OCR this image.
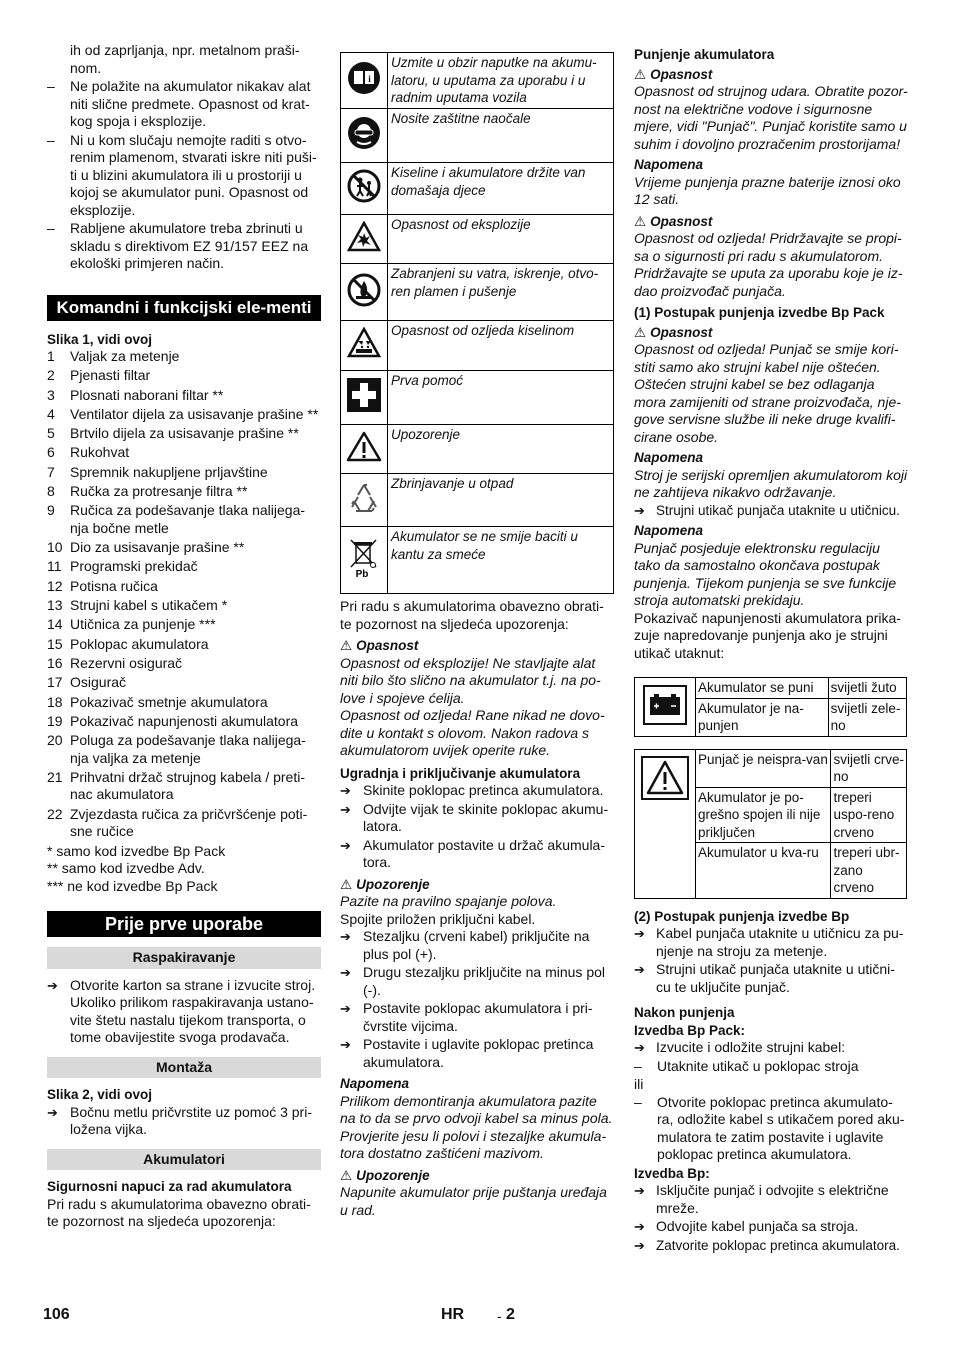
ih od zaprljanja, npr. metalnom praši-nom.

– Ne polažite na akumulator nikakav alat niti slične predmete. Opasnost od krat-kog spoja i eksplozije.
– Ni u kom slučaju nemojte raditi s otvo-renim plamenom, stvarati iskre niti puši-ti u blizini akumulatora ili u prostoriji u kojoj se akumulator puni. Opasnost od eksplozije.
– Rabljene akumulatore treba zbrinuti u skladu s direktivom EZ 91/157 EEZ na ekološki primjeren način.
Komandni i funkcijski ele-menti

Slika 1, vidi ovoj

1 Valjak za metenje
2 Pjenasti filtar
3 Plosnati naborani filtar **
4 Ventilator dijela za usisavanje prašine **
5 Brtvilo dijela za usisavanje prašine **
6 Rukohvat
7 Spremnik nakupljene prljavštine
8 Ručka za protresanje filtra **
9 Ručica za podešavanje tlaka nalijega-nja bočne metle
10 Dio za usisavanje prašine **
11 Programski prekidač
12 Potisna ručica
13 Strujni kabel s utikačem *
14 Utičnica za punjenje ***
15 Poklopac akumulatora
16 Rezervni osigurač
17 Osigurač
18 Pokazivač smetnje akumulatora
19 Pokazivač napunjenosti akumulatora
20 Poluga za podešavanje tlaka nalijega-nja valjka za metenje
21 Prihvatni držač strujnog kabela / preti-nac akumulatora
22 Zvjezdasta ručica za pričvršćenje poti-sne ručice

* samo kod izvedbe Bp Pack

** samo kod izvedbe Adv.

*** ne kod izvedbe Bp Pack

Prije prve uporabe
Raspakiravanje
➔ Otvorite karton sa strane i izvucite stroj. Ukoliko prilikom raspakiravanja ustano-vite štetu nastalu tijekom transporta, o tome obavijestite svoga prodavača.
Montaža

Slika 2, vidi ovoj

➔ Bočnu metlu pričvrstite uz pomoć 3 pri-ložena vijka.
Akumulatori

Sigurnosni napuci za rad akumulatora

Pri radu s akumulatorima obavezno obrati-te pozornost na sljedeća upozorenja:

i	Uzmite u obzir naputke na akumu-latoru, u uputama za uporabu i u radnim uputama vozila
	Nosite zaštitne naočale
	Kiseline i akumulatore držite van domašaja djece
	Opasnost od eksplozije
	Zabranjeni su vatra, iskrenje, otvo-ren plamen i pušenje
	Opasnost od ozljeda kiselinom
	Prva pomoć
	Upozorenje
	Zbrinjavanje u otpad

Pb	Akumulator se ne smije baciti u kantu za smeće

Pri radu s akumulatorima obavezno obrati-te pozornost na sljedeća upozorenja:

⚠ Opasnost

Opasnost od eksplozije! Ne stavljajte alat niti bilo što slično na akumulator t.j. na po-love i spojeve ćelija.

Opasnost od ozljeda! Rane nikad ne dovo-dite u kontakt s olovom. Nakon radova s akumulatorom uvijek operite ruke.

Ugradnja i priključivanje akumulatora

➔ Skinite poklopac pretinca akumulatora.
➔ Odvijte vijak te skinite poklopac akumu-latora.
➔ Akumulator postavite u držač akumula-tora.

⚠ Upozorenje

Pazite na pravilno spajanje polova.

Spojite priložen priključni kabel.

➔ Stezaljku (crveni kabel) priključite na plus pol (+).
➔ Drugu stezaljku priključite na minus pol (-).
➔ Postavite poklopac akumulatora i pri-čvrstite vijcima.
➔ Postavite i uglavite poklopac pretinca akumulatora.

Napomena

Prilikom demontiranja akumulatora pazite na to da se prvo odvoji kabel sa minus pola. Provjerite jesu li polovi i stezaljke akumula-tora dostatno zaštićeni mazivom.

⚠ Upozorenje

Napunite akumulator prije puštanja uređaja u rad.

Punjenje akumulatora

⚠ Opasnost

Opasnost od strujnog udara. Obratite pozor-nost na električne vodove i sigurnosne mjere, vidi "Punjač". Punjač koristite samo u suhim i dovoljno prozračenim prostorijama!

Napomena

Vrijeme punjenja prazne baterije iznosi oko 12 sati.

⚠ Opasnost

Opasnost od ozljeda! Pridržavajte se propi-sa o sigurnosti pri radu s akumulatorom. Pridržavajte se uputa za uporabu koje je iz-dao proizvođač punjača.

(1) Postupak punjenja izvedbe Bp Pack

⚠ Opasnost

Opasnost od ozljeda! Punjač se smije kori-stiti samo ako strujni kabel nije oštećen. Oštećen strujni kabel se bez odlaganja mora zamijeniti od strane proizvođača, nje-gove servisne službe ili neke druge kvalifi-cirane osobe.

Napomena

Stroj je serijski opremljen akumulatorom koji ne zahtijeva nikakvo održavanje.

➔ Strujni utikač punjača utaknite u utičnicu.

Napomena

Punjač posjeduje elektronsku regulaciju tako da samostalno okončava postupak punjenja. Tijekom punjenja se sve funkcije stroja automatski prekidaju.

Pokazivač napunjenosti akumulatora prika-zuje napredovanje punjenja ako je strujni utikač utaknut:

	Akumulator se puni	svijetli žuto
	Akumulator je na-punjen	svijetli zele-no
	Punjač je neispra-van	svijetli crve-no
	Akumulator je po-grešno spojen ili nije priključen	treperi uspo-reno crveno
	Akumulator u kva-ru	treperi ubr-zano crveno

(2) Postupak punjenja izvedbe Bp

➔ Kabel punjača utaknite u utičnicu za pu-njenje na stroju za metenje.
➔ Strujni utikač punjača utaknite u utični-cu te uključite punjač.

Nakon punjenja

Izvedba Bp Pack:

➔ Izvucite i odložite strujni kabel:
– Utaknite utikač u poklopac stroja

ili

– Otvorite poklopac pretinca akumulato-ra, odložite kabel s utikačem pored aku-mulatora te zatim postavite i uglavite poklopac pretinca akumulatora.

Izvedba Bp:

➔ Isključite punjač i odvojite s električne mreže.
➔ Odvojite kabel punjača sa stroja.
➔ Zatvorite poklopac pretinca akumulatora.
106	HR - 2
